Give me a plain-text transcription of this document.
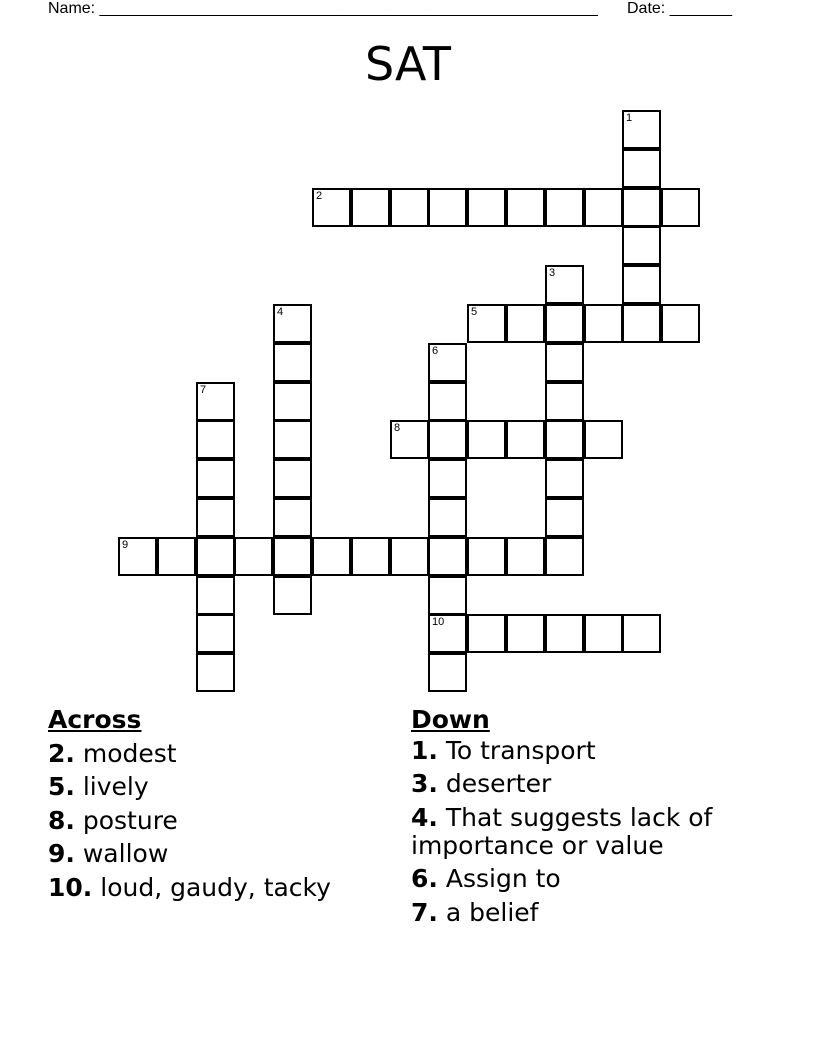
Name: ________________________________________________________ Date: _______
SAT
1
2
3
4	5
6
7
8
9
10
Across
2. modest
5. lively
8. posture
9. wallow
10. loud, gaudy, tacky
Down
1. To transport
3. deserter
4. That suggests lack of importance or value
6. Assign to
7. a belief
